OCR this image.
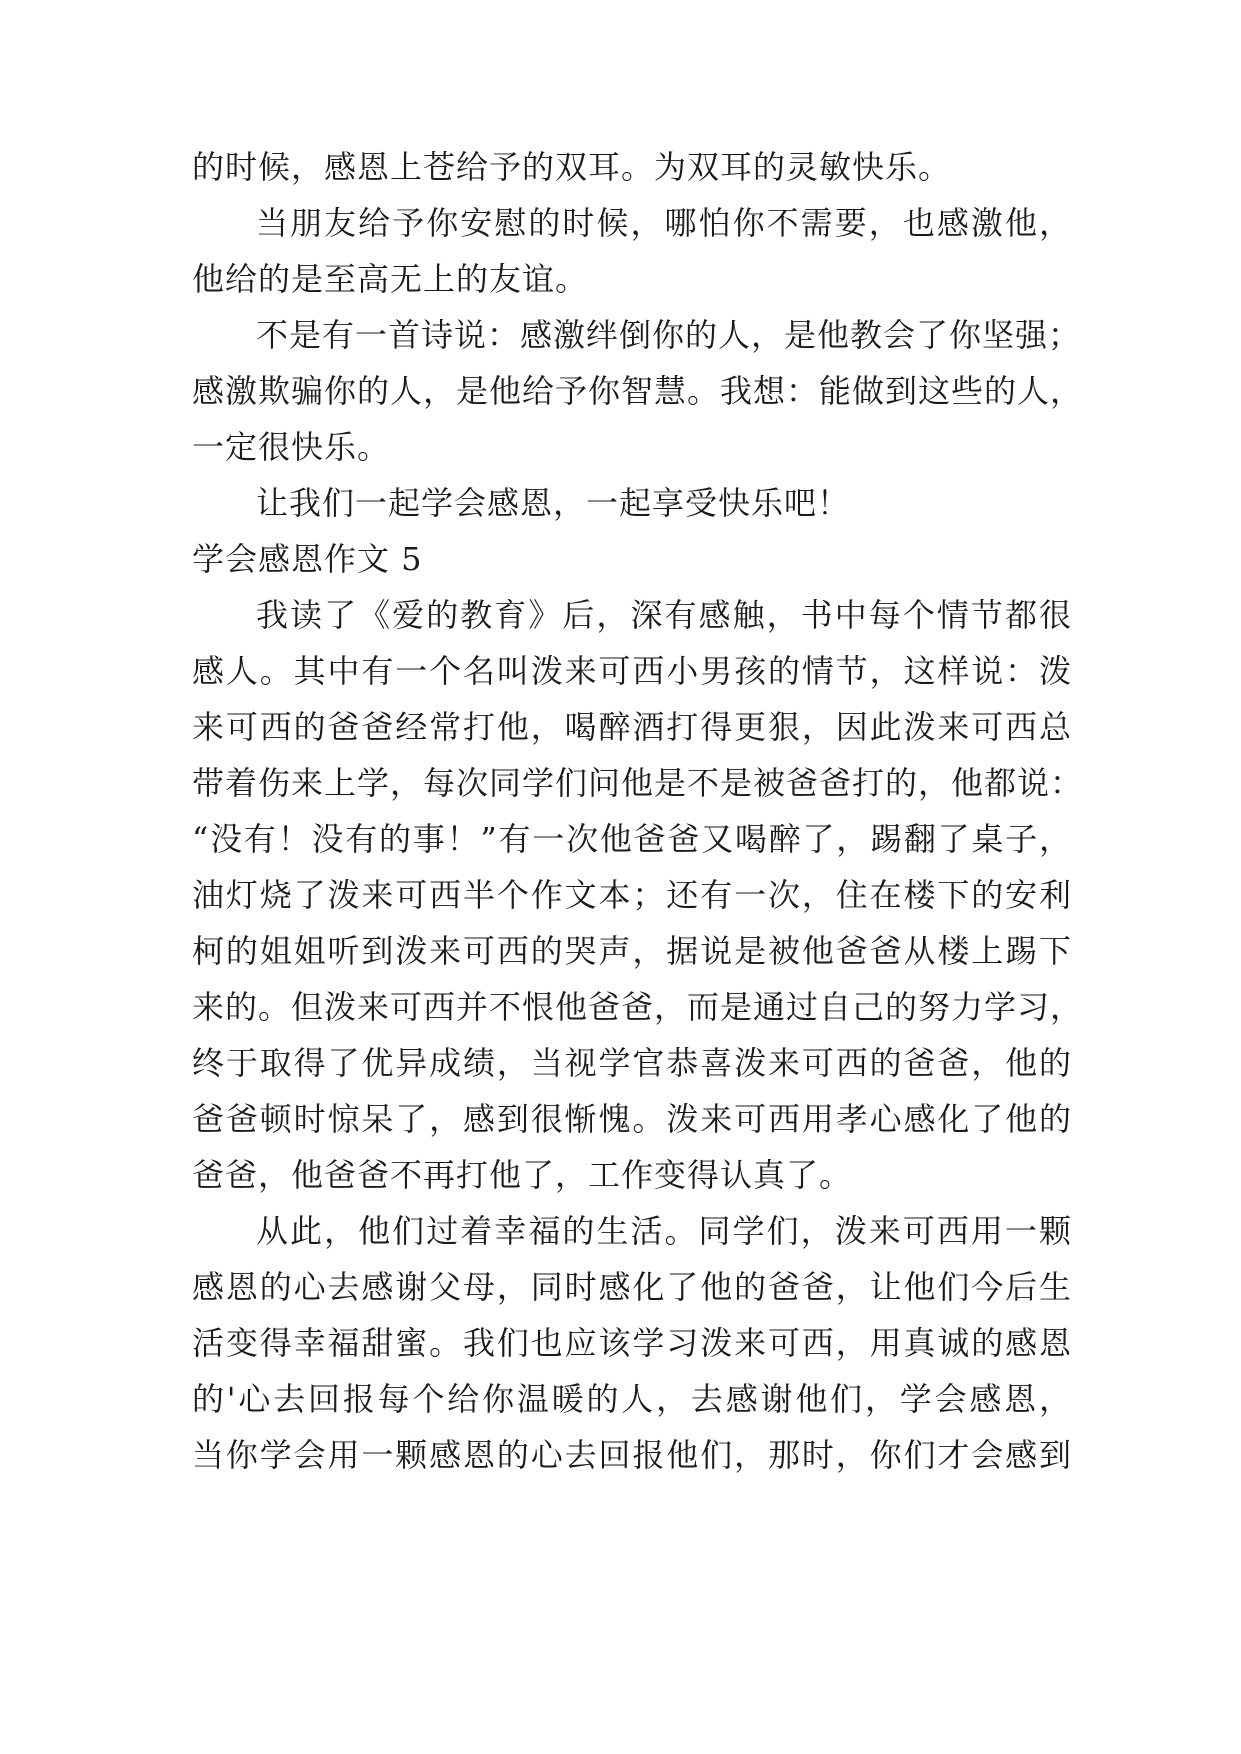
的时候，感恩上苍给予的双耳。为双耳的灵敏快乐。
当朋友给予你安慰的时候，哪怕你不需要，也感激他，
他给的是至高无上的友谊。
不是有一首诗说：感激绊倒你的人，是他教会了你坚强；
感激欺骗你的人，是他给予你智慧。我想：能做到这些的人，
一定很快乐。
让我们一起学会感恩，一起享受快乐吧！
学会感恩作文 5
我读了《爱的教育》后，深有感触，书中每个情节都很
感人。其中有一个名叫泼来可西小男孩的情节，这样说：泼
来可西的爸爸经常打他，喝醉酒打得更狠，因此泼来可西总
带着伤来上学，每次同学们问他是不是被爸爸打的，他都说：
“没有！没有的事！”有一次他爸爸又喝醉了，踢翻了桌子，
油灯烧了泼来可西半个作文本；还有一次，住在楼下的安利
柯的姐姐听到泼来可西的哭声，据说是被他爸爸从楼上踢下
来的。但泼来可西并不恨他爸爸，而是通过自己的努力学习，
终于取得了优异成绩，当视学官恭喜泼来可西的爸爸，他的
爸爸顿时惊呆了，感到很惭愧。泼来可西用孝心感化了他的
爸爸，他爸爸不再打他了，工作变得认真了。
从此，他们过着幸福的生活。同学们，泼来可西用一颗
感恩的心去感谢父母，同时感化了他的爸爸，让他们今后生
活变得幸福甜蜜。我们也应该学习泼来可西，用真诚的感恩
的'心去回报每个给你温暖的人，去感谢他们，学会感恩，
当你学会用一颗感恩的心去回报他们，那时，你们才会感到
